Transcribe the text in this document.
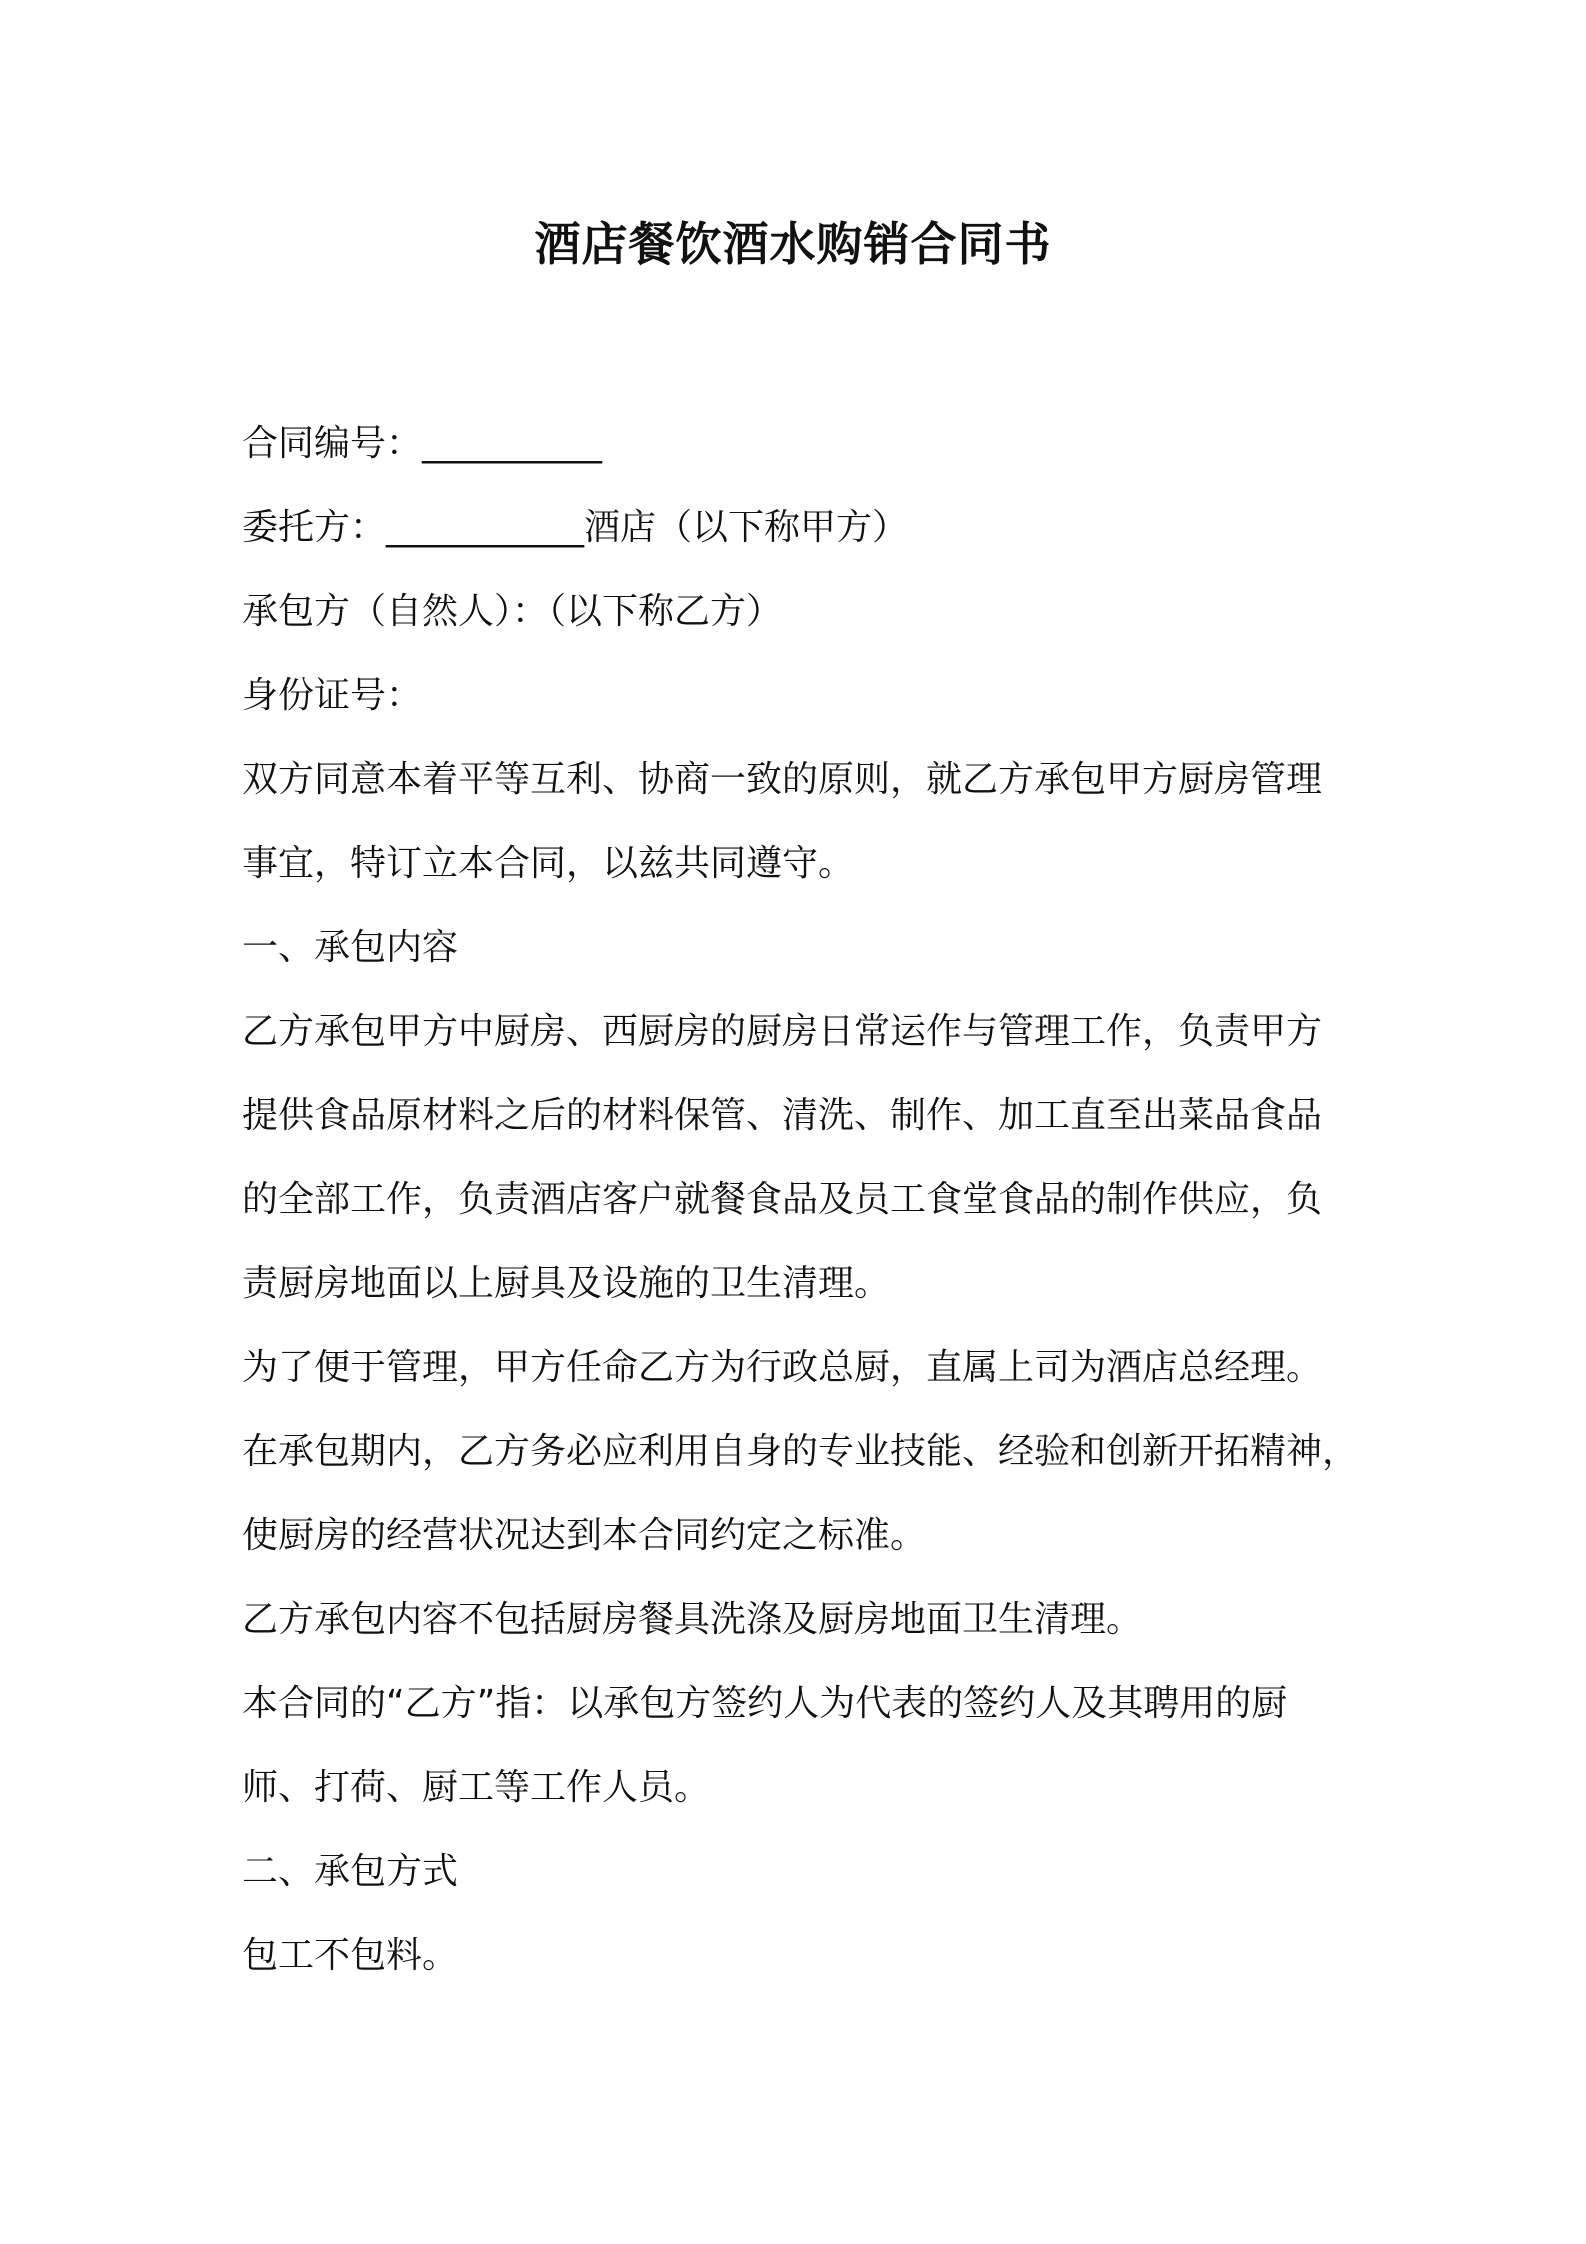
酒店餐饮酒水购销合同书
合同编号：__________
委托方：___________酒店（以下称甲方）
承包方（自然人）：（以下称乙方）
身份证号：
双方同意本着平等互利、协商一致的原则，就乙方承包甲方厨房管理
事宜，特订立本合同，以兹共同遵守。
一、承包内容
乙方承包甲方中厨房、西厨房的厨房日常运作与管理工作，负责甲方
提供食品原材料之后的材料保管、清洗、制作、加工直至出菜品食品
的全部工作，负责酒店客户就餐食品及员工食堂食品的制作供应，负
责厨房地面以上厨具及设施的卫生清理。
为了便于管理，甲方任命乙方为行政总厨，直属上司为酒店总经理。
在承包期内，乙方务必应利用自身的专业技能、经验和创新开拓精神，
使厨房的经营状况达到本合同约定之标准。
乙方承包内容不包括厨房餐具洗涤及厨房地面卫生清理。
本合同的“乙方”指：以承包方签约人为代表的签约人及其聘用的厨
师、打荷、厨工等工作人员。
二、承包方式
包工不包料。
